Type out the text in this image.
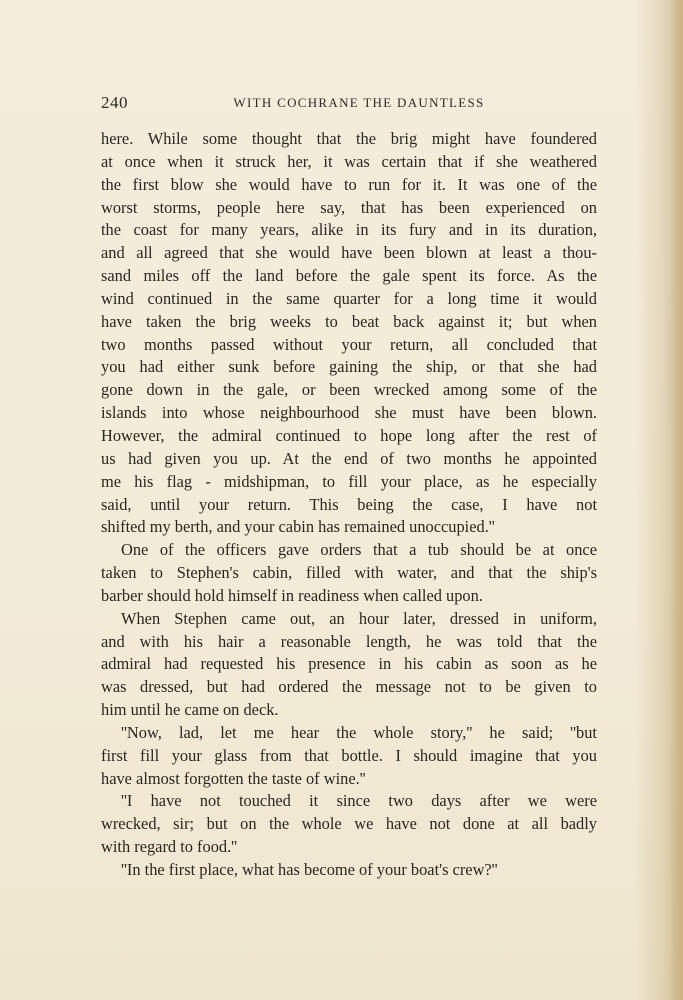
240	WITH COCHRANE THE DAUNTLESS
here. While some thought that the brig might have foundered
at once when it struck her, it was certain that if she weathered
the first blow she would have to run for it. It was one of the
worst storms, people here say, that has been experienced on
the coast for many years, alike in its fury and in its duration,
and all agreed that she would have been blown at least a thou-
sand miles off the land before the gale spent its force. As the
wind continued in the same quarter for a long time it would
have taken the brig weeks to beat back against it; but when
two months passed without your return, all concluded that
you had either sunk before gaining the ship, or that she had
gone down in the gale, or been wrecked among some of the
islands into whose neighbourhood she must have been blown.
However, the admiral continued to hope long after the rest of
us had given you up. At the end of two months he appointed
me his flag - midshipman, to fill your place, as he especially
said, until your return. This being the case, I have not
shifted my berth, and your cabin has remained unoccupied.''
One of the officers gave orders that a tub should be at once
taken to Stephen's cabin, filled with water, and that the ship's
barber should hold himself in readiness when called upon.
When Stephen came out, an hour later, dressed in uniform,
and with his hair a reasonable length, he was told that the
admiral had requested his presence in his cabin as soon as he
was dressed, but had ordered the message not to be given to
him until he came on deck.
''Now, lad, let me hear the whole story,'' he said; ''but
first fill your glass from that bottle. I should imagine that you
have almost forgotten the taste of wine.''
''I have not touched it since two days after we were
wrecked, sir; but on the whole we have not done at all badly
with regard to food.''
''In the first place, what has become of your boat's crew?''
